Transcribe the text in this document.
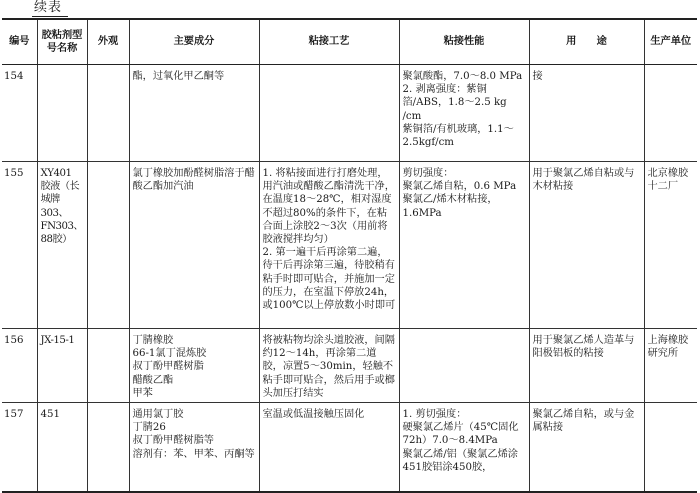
续表
编号	胶粘剂型号名称	外观	主要成分	粘接工艺	粘接性能	用　　途	生产单位
154			酯，过氧化甲乙酮等		聚氯酸酯，7.0～8.0 MPa
2. 剥离强度：紫铜箔/ABS，1.8～2.5 kg /cm
紫铜箔/有机玻璃，1.1～2.5kgf/cm	接	
155	XY401 胶液（长城牌 303、FN303、88胶）		氯丁橡胶加酚醛树脂溶于醋酸乙酯加汽油	1. 将粘接面进行打磨处理，用汽油或醋酸乙酯清洗干净，在温度18～28℃，相对湿度不超过80%的条件下，在粘合面上涂胶2～3次（用前将胶液搅拌均匀）
2. 第一遍干后再涂第二遍，待干后再涂第三遍，待胶稍有粘手时即可贴合，并施加一定的压力，在室温下停放24h，或100℃以上停放数小时即可	剪切强度：
聚氯乙烯自粘，0.6 MPa
聚氯乙/烯木材粘接，1.6MPa	用于聚氯乙烯自粘或与木材粘接	北京橡胶十二厂
156	JX-15-1		丁腈橡胶
66-1氯丁混炼胶
叔丁酚甲醛树脂
醋酸乙酯
甲苯	将被粘物均涂头道胶液，间隔约12～14h，再涂第二道胶，凉置5～30min，轻触不粘手即可贴合，然后用手或榔头加压打结实		用于聚氯乙烯人造革与阳极铝板的粘接	上海橡胶研究所
157	451		通用氯丁胶
丁腈26
叔丁酚甲醛树脂等
溶剂有：苯、甲苯、丙酮等	室温或低温接触压固化	1. 剪切强度：
硬聚氯乙烯片（45℃固化72h）7.0～8.4MPa
聚氯乙烯/铝（聚氯乙烯涂451胶铝涂450胶，	聚氯乙烯自粘，或与金属粘接	
